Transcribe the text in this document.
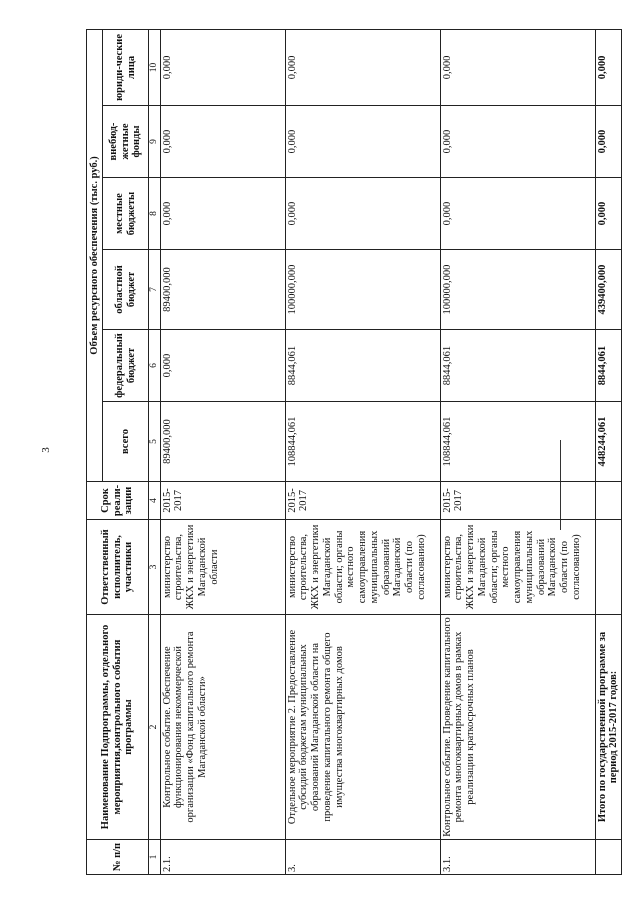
3
№ п/п	Наименование Подпрограммы, отдельного мероприятия,контрольного события программы	Ответственный исполнитель, участники	Срок реали-зации	Объем ресурсного обеспечения (тыс. руб.)					
				всего	федеральный бюджет	областной бюджет	местные бюджеты	внебюд-жетные фонды	юриди-ческие лица
1	2	3	4	5	6	7	8	9	10
2.1.	Контрольное событие. Обеспечение функционирования некоммерческой организации «Фонд капитального ремонта Магаданской области»	министерство строительства, ЖКХ и энергетики Магаданской области	2015-2017	89400,000	0,000	89400,000	0,000	0,000	0,000
3.	Отдельное мероприятие 2. Предоставление субсидий бюджетам муниципальных образований Магаданской области на проведение капитального ремонта общего имущества многоквартирных домов	министерство строительства, ЖКХ и энергетики Магаданской области; органы местного самоуправления муниципальных образований Магаданской области (по согласованию)	2015-2017	108844,061	8844,061	100000,000	0,000	0,000	0,000
3.1.	Контрольное событие. Проведение капитального ремонта многоквартирных домов в рамках реализации краткосрочных планов	министерство строительства, ЖКХ и энергетики Магаданской области; органы местного самоуправления муниципальных образований Магаданской области (по согласованию)	2015-2017	108844,061	8844,061	100000,000	0,000	0,000	0,000
	Итого по государственной программе за период 2015-2017 годов:			448244,061	8844,061	439400,000	0,000	0,000	0,000
